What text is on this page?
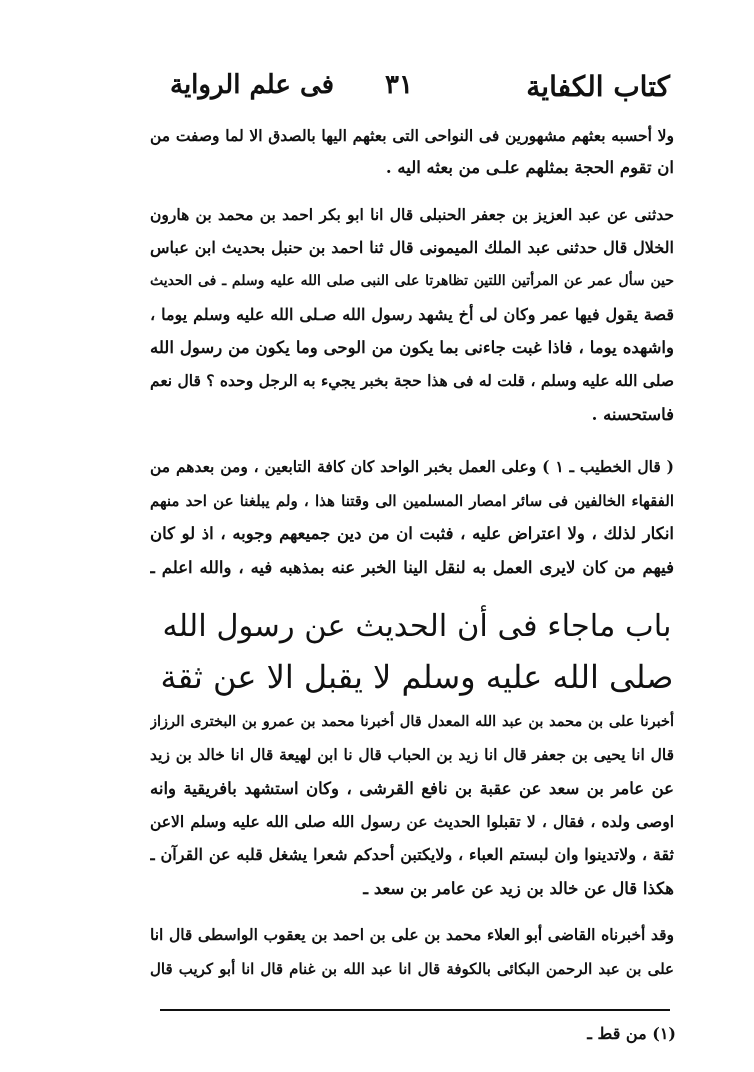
كتاب الكفاية
٣١
فى علم الرواية
ولا أحسبه بعثهم مشهورين فى النواحى التى بعثهم اليها بالصدق الا لما وصفت من
ان تقوم الحجة بمثلهم علـى من بعثه اليه .
حدثنى عن عبد العزيز بن جعفر الحنبلى قال انا ابو بكر احمد بن محمد بن هارون
الخلال قال حدثنى عبد الملك الميمونى قال ثنا احمد بن حنبل بحديث ابن عباس
حين سأل عمر عن المرأتين اللتين تظاهرتا على النبى صلى الله عليه وسلم ـ فى الحديث
قصة يقول فيها عمر وكان لى أخ يشهد رسول الله صـلى الله عليه وسلم يوما ،
واشهده يوما ، فاذا غبت جاءنى بما يكون من الوحى وما يكون من رسول الله
صلى الله عليه وسلم ، قلت له فى هذا حجة بخبر يجيء به الرجل وحده ؟ قال نعم
فاستحسنه .
( قال الخطيب ـ ١ ) وعلى العمل بخبر الواحد كان كافة التابعين ، ومن بعدهم من
الفقهاء الخالفين فى سائر امصار المسلمين الى وقتنا هذا ، ولم يبلغنا عن احد منهم
انكار لذلك ، ولا اعتراض عليه ، فثبت ان من دين جميعهم وجوبه ، اذ لو كان
فيهم من كان لايرى العمل به لنقل الينا الخبر عنه بمذهبه فيه ، والله اعلم ـ
باب ماجاء فى أن الحديث عن رسول الله
صلى الله عليه وسلم لا يقبل الا عن ثقة
أخبرنا على بن محمد بن عبد الله المعدل قال أخبرنا محمد بن عمرو بن البخترى الرزاز
قال انا يحيى بن جعفر قال انا زيد بن الحباب قال نا ابن لهيعة قال انا خالد بن زيد
عن عامر بن سعد عن عقبة بن نافع القرشى ، وكان استشهد بافريقية وانه
اوصى ولده ، فقال ، لا تقبلوا الحديث عن رسول الله صلى الله عليه وسلم الاعن
ثقة ، ولاتدينوا وان لبستم العباء ، ولايكتبن أحدكم شعرا يشغل قلبه عن القرآن ـ
هكذا قال عن خالد بن زيد عن عامر بن سعد ـ
وقد أخبرناه القاضى أبو العلاء محمد بن على بن احمد بن يعقوب الواسطى قال انا
على بن عبد الرحمن البكائى بالكوفة قال انا عبد الله بن غنام قال انا أبو كريب قال
(١) من قط ـ
